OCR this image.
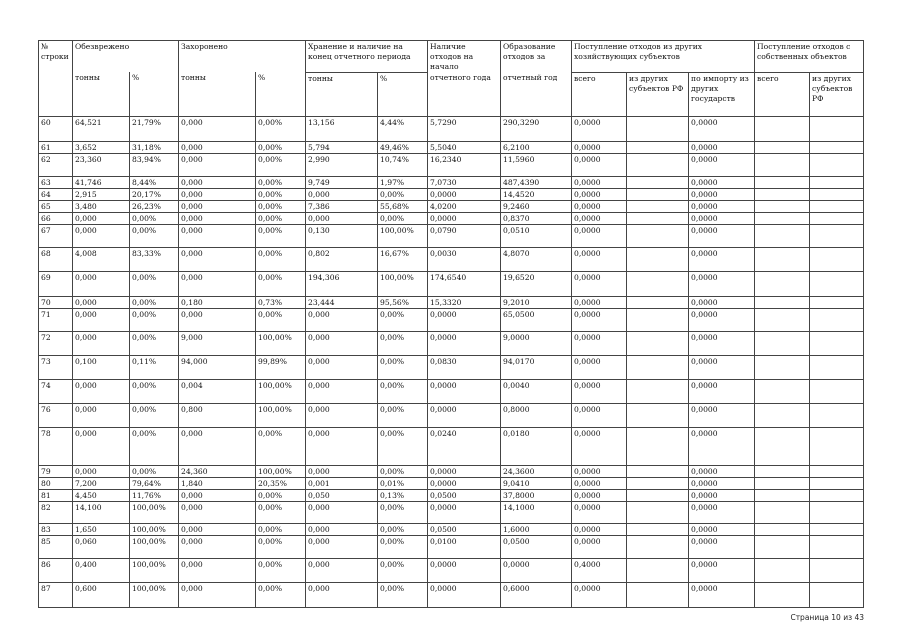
№ строки	Обезврежено		Захоронено		Хранение и наличие на конец отчетного периода		Наличие отходов на начало	Образование отходов за	Поступление отходов из других хозяйствующих субъектов			Поступление отходов с собственных объектов	
	тонны	%	тонны	%	тонны	%	отчетного года	отчетный год	всего	из других субъектов РФ	по импорту из других государств	всего	из других субъектов РФ
60	64,521	21,79%	0,000	0,00%	13,156	4,44%	5,7290	290,3290	0,0000		0,0000		
61	3,652	31,18%	0,000	0,00%	5,794	49,46%	5,5040	6,2100	0,0000		0,0000		
62	23,360	83,94%	0,000	0,00%	2,990	10,74%	16,2340	11,5960	0,0000		0,0000		
63	41,746	8,44%	0,000	0,00%	9,749	1,97%	7,0730	487,4390	0,0000		0,0000		
64	2,915	20,17%	0,000	0,00%	0,000	0,00%	0,0000	14,4520	0,0000		0,0000		
65	3,480	26,23%	0,000	0,00%	7,386	55,68%	4,0200	9,2460	0,0000		0,0000		
66	0,000	0,00%	0,000	0,00%	0,000	0,00%	0,0000	0,8370	0,0000		0,0000		
67	0,000	0,00%	0,000	0,00%	0,130	100,00%	0,0790	0,0510	0,0000		0,0000		
68	4,008	83,33%	0,000	0,00%	0,802	16,67%	0,0030	4,8070	0,0000		0,0000		
69	0,000	0,00%	0,000	0,00%	194,306	100,00%	174,6540	19,6520	0,0000		0,0000		
70	0,000	0,00%	0,180	0,73%	23,444	95,56%	15,3320	9,2010	0,0000		0,0000		
71	0,000	0,00%	0,000	0,00%	0,000	0,00%	0,0000	65,0500	0,0000		0,0000		
72	0,000	0,00%	9,000	100,00%	0,000	0,00%	0,0000	9,0000	0,0000		0,0000		
73	0,100	0,11%	94,000	99,89%	0,000	0,00%	0,0830	94,0170	0,0000		0,0000		
74	0,000	0,00%	0,004	100,00%	0,000	0,00%	0,0000	0,0040	0,0000		0,0000		
76	0,000	0,00%	0,800	100,00%	0,000	0,00%	0,0000	0,8000	0,0000		0,0000		
78	0,000	0,00%	0,000	0,00%	0,000	0,00%	0,0240	0,0180	0,0000		0,0000		
79	0,000	0,00%	24,360	100,00%	0,000	0,00%	0,0000	24,3600	0,0000		0,0000		
80	7,200	79,64%	1,840	20,35%	0,001	0,01%	0,0000	9,0410	0,0000		0,0000		
81	4,450	11,76%	0,000	0,00%	0,050	0,13%	0,0500	37,8000	0,0000		0,0000		
82	14,100	100,00%	0,000	0,00%	0,000	0,00%	0,0000	14,1000	0,0000		0,0000		
83	1,650	100,00%	0,000	0,00%	0,000	0,00%	0,0500	1,6000	0,0000		0,0000		
85	0,060	100,00%	0,000	0,00%	0,000	0,00%	0,0100	0,0500	0,0000		0,0000		
86	0,400	100,00%	0,000	0,00%	0,000	0,00%	0,0000	0,0000	0,4000		0,0000		
87	0,600	100,00%	0,000	0,00%	0,000	0,00%	0,0000	0,6000	0,0000		0,0000		
Страница 10 из 43
